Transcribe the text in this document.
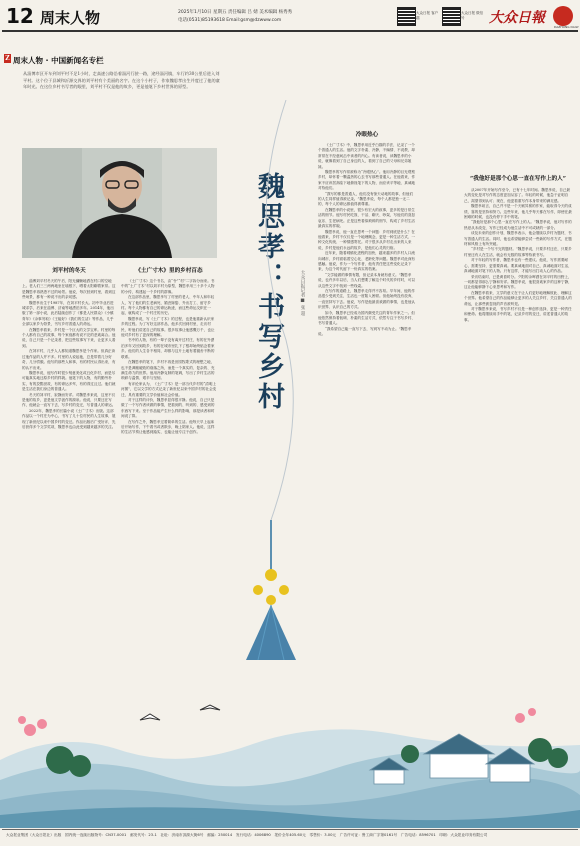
12 周末人物	2025年1月10日 星期五 责任编辑 吕 婧 美术编辑 杨秀秀
电话(0531)85193618 Email:gsm@dzwww.com
大众日报 客户端
大众日报 微信号	大众日報
DAZHONG DAILY
Z 周末人物 · 中国新闻名专栏
从淄博市区开车到刘平村不足1小时，走高速公路沿着淄河行驶一路，途经淄河镇，车行约30公里后进入刘平村。这个位于县城和沂源交界的刘平村有个美丽的名字。在这个小村子，作家魏思孝出生并度过了他的童年时光。在这位乡村书写者的眼里，刘平村不仅是他的故乡，更是他笔下乡村世界的原型。
刘平村的冬天
淄博刘平村冬天的午后，阳光慵懒地洒在村口的空地上。老人们三三两两地坐在墙根下，晒着太阳聊着家常。这是魏思孝再熟悉不过的场景。他说，每次回到村里，看到这些场景，都有一种说不出的亲切感。
魏思孝出生于1987年，在刘平村长大。初中毕业后进城求学，后来在淄博、济南等地漂泊多年。2014年，他出版了第一部小说，此后陆续创作了《都是人民群众》《小镇青年》《余事勿取》《王能好》《我们的生活》等作品，几乎全部以家乡为背景，书写乡村普通人的命运。
在魏思孝看来，乡村是一个巨大的文学宝库。村里的每个人都有自己的故事，每个家庭都有说不完的悲欢离合。他说，自己只是一个记录者，把这些故事写下来，让更多人看到。
在刘平村，几乎人人都知道魏思孝是个作家。但真正读过他作品的人并不多。村里的人说起他，总是带着几分好奇，几分骄傲。他写的那些人和事，有的村民认得出来，有的认不出来。
魏思孝说，他写作时很少刻意美化或丑化乡村，而是尽可能真实地还原乡村的样貌。他笔下的人物，有的勤劳朴实，有的狡黠世故，有的命运多舛，有的得过且过。他们就是生活在我们身边的普通人。
冬天的刘平村，寂静而安详。对魏思孝来说，这里不仅是他的故乡，更是他文学创作的源泉。他说，只要还在写作，他就会一直写下去，写乡村的变迁，写普通人的命运。
2022年，魏思孝的长篇小说《土广寸木》出版。这部作品以一个村庄为中心，书写了几十位村民的人生故事，展现了新世纪以来中国乡村的变迁。作品出版后广受好评，先后获得多个文学奖项，魏思孝也由此受到越来越多的关注。
《土广寸木》里的乡村百态
《土广寸木》这个书名，由“寺”“村”二字拆分而来。书中的“土广寸木”村以刘平村为原型，魏思孝用三十多个人物的小传，构建起一个乡村的群像。
在这部作品里，魏思孝写了村里的老人、中年人和年轻人，写了他们的生老病死、婚丧嫁娶、外出打工、留守乡村。每个人物都有自己的命运轨迹，而这些命运交织在一起，就构成了一个村庄的历史。
魏思孝说，写《土广寸木》的过程，也是他重新认识家乡的过程。为了写好这部作品，他多次回到村里，走访村民，听他们讲述自己的故事。很多故事让他感慨万千，也让他对乡村有了更深的理解。
书中的人物，有的一辈子没有离开过村庄，有的在外漂泊多年又回到故乡，有的在城市里扎下了根却始终惦念着家乡。他们的人生各不相同，却都与这片土地有着割舍不断的联系。
在魏思孝的笔下，乡村不再是田园牧歌式的理想之地，也不是凋敝破败的衰落之所，而是一个真实的、复杂的、充满生命力的世界。他用冷静克制的笔调，写出了乡村生活的琐碎与温情、艰辛与坚韧。
有评论家认为，《土广寸木》是一部当代乡村的“清明上河图”，它以文学的方式记录了新世纪以来中国乡村的社会变迁，具有重要的文学价值和社会价值。
对于这样的评价，魏思孝显得很平静。他说，自己只是做了一个写作者该做的事情，把看到的、听到的、感受到的东西写下来。至于作品能产生什么样的影响，那是读者和时间说了算。
在写作之外，魏思孝过着简单的生活。他每天早上起床后开始写作，下午看书或者散步，晚上陪家人。他说，这样的生活节奏让他感到踏实，也能让他专注于创作。
魏思孝：书写乡村	大众日报记者 ■ 张 超
冷眼热心
《土广寸木》中，魏思孝用近乎白描的手法，记录了一个个普通人的生活。他的文字朴素、冷静，不煽情、不说教，却常常在不经意间击中读者的内心。有读者说，读魏思孝的小说，就像看到了自己身边的人，看到了自己的父母和兄弟姐妹。
魏思孝的写作常被称为“冷眼热心”。他用冷静的目光观察乡村，却怀着一颗温热的心去书写那些普通人。在他看来，作家不应该居高临下地俯视笔下的人物，而应该平等地、真诚地对待他们。
“我写的都是普通人，他们没有惊天动地的故事，但他们的人生同样值得被记录。”魏思孝说，每个人都是独一无二的，每个人的命运都值得被尊重。
在魏思孝的小说里，很少有宏大的叙事，更多的是日常生活的细节。他写村民吃饭、干活、聊天、吵架，写他们的喜怒哀乐、生老病死。正是这些看似琐碎的细节，构成了乡村生活最真实的样貌。
魏思孝说，他一直在思考一个问题：乡村到底是什么？在他看来，乡村不仅仅是一个地理概念，更是一种生活方式、一种文化传统、一种情感寄托。对于很多从乡村走出来的人来说，乡村是他们永远的故乡，是他们心灵的归宿。
近年来，随着城镇化进程的加快，越来越多的乡村人口流向城市，乡村面临着空心化、老龄化等问题。魏思孝对此深有感触。他说，作为一个写作者，他有责任把这些变化记录下来，为这个时代留下一份真实的档案。
“文学能做的事情有限，但记录本身就有意义。”魏思孝说，也许多年以后，当人们想要了解这个时代的乡村时，可以从这些文字中找到一些线索。
在写作的道路上，魏思孝走得并不容易。早年间，他的作品很少受到关注，生活也一度陷入困顿。但他始终没有放弃，一直坚持写下去。他说，写作是他最喜欢做的事情，也是他认识世界、认识自己的方式。
如今，魏思孝已经成为国内颇受关注的青年作家之一。但他依然保持着低调、朴素的生活方式，依然专注于书写乡村、书写普通人。
“我希望自己能一直写下去，写到写不动为止。”魏思孝说。
“我他好是那个心思一直在写作上的人”
从2007年开始写作至今，已有十七年时间。魏思孝说，自己最大的变化是对写作的态度更加从容了。年轻的时候，他急于证明自己，渴望得到认可；现在，他更看重写作本身带来的满足感。
魏思孝坦言，自己并不是一个天赋异禀的作家，能取得今天的成绩，靠的是坚持和努力。这些年来，他几乎每天都在写作，即使在最困难的时候，也没有停下手中的笔。
“我他好是那个心思一直在写作上的人。”魏思孝说，他对写作的热爱从未改变，写作已经成为他生活中不可或缺的一部分。
谈及未来的创作计划，魏思孝表示，他会继续以乡村为题材，书写普通人的生活。同时，他也希望能够尝试一些新的写作方式，在题材和风格上有所突破。
“乡村是一个写不完的题材。”魏思孝说，只要乡村还在，只要乡村里还有人在生活，就会有无数的故事等待被书写。
对于年轻的写作者，魏思孝也有一些建议。他说，写作需要耐心，需要坚持，更需要真诚。要真诚地面对自己，真诚地面对生活，真诚地面对笔下的人物。只有这样，才能写出打动人心的作品。
采访结束时，已是黄昏时分。夕阳的余晖洒在刘平村的田野上，一切都显得那么宁静和安详。魏思孝说，他很喜欢家乡的这种宁静，这让他能够静下心来思考和写作。
在魏思孝看来，文学的意义在于让人们更好地理解彼此、理解这个世界。他希望自己的作品能够让更多的人关注乡村、关注普通人的命运，让那些被忽视的声音被听见。
对于魏思孝来说，书写乡村不仅是一种创作选择，更是一种责任和使命。他将继续用手中的笔，记录乡村的变迁，讲述普通人的故事。
大众报业集团（大众日报社）出版　国内统一连续出版物号：CN37-0001　邮发代号：23-1　社址：济南市泺源大街6号　邮编：250014　发行电话：4006890　报价全年405.60元　零售价：3.00元　广告许可证：鲁工商广字第0161号　广告电话：8596701　印刷：大众报业印务有限公司
